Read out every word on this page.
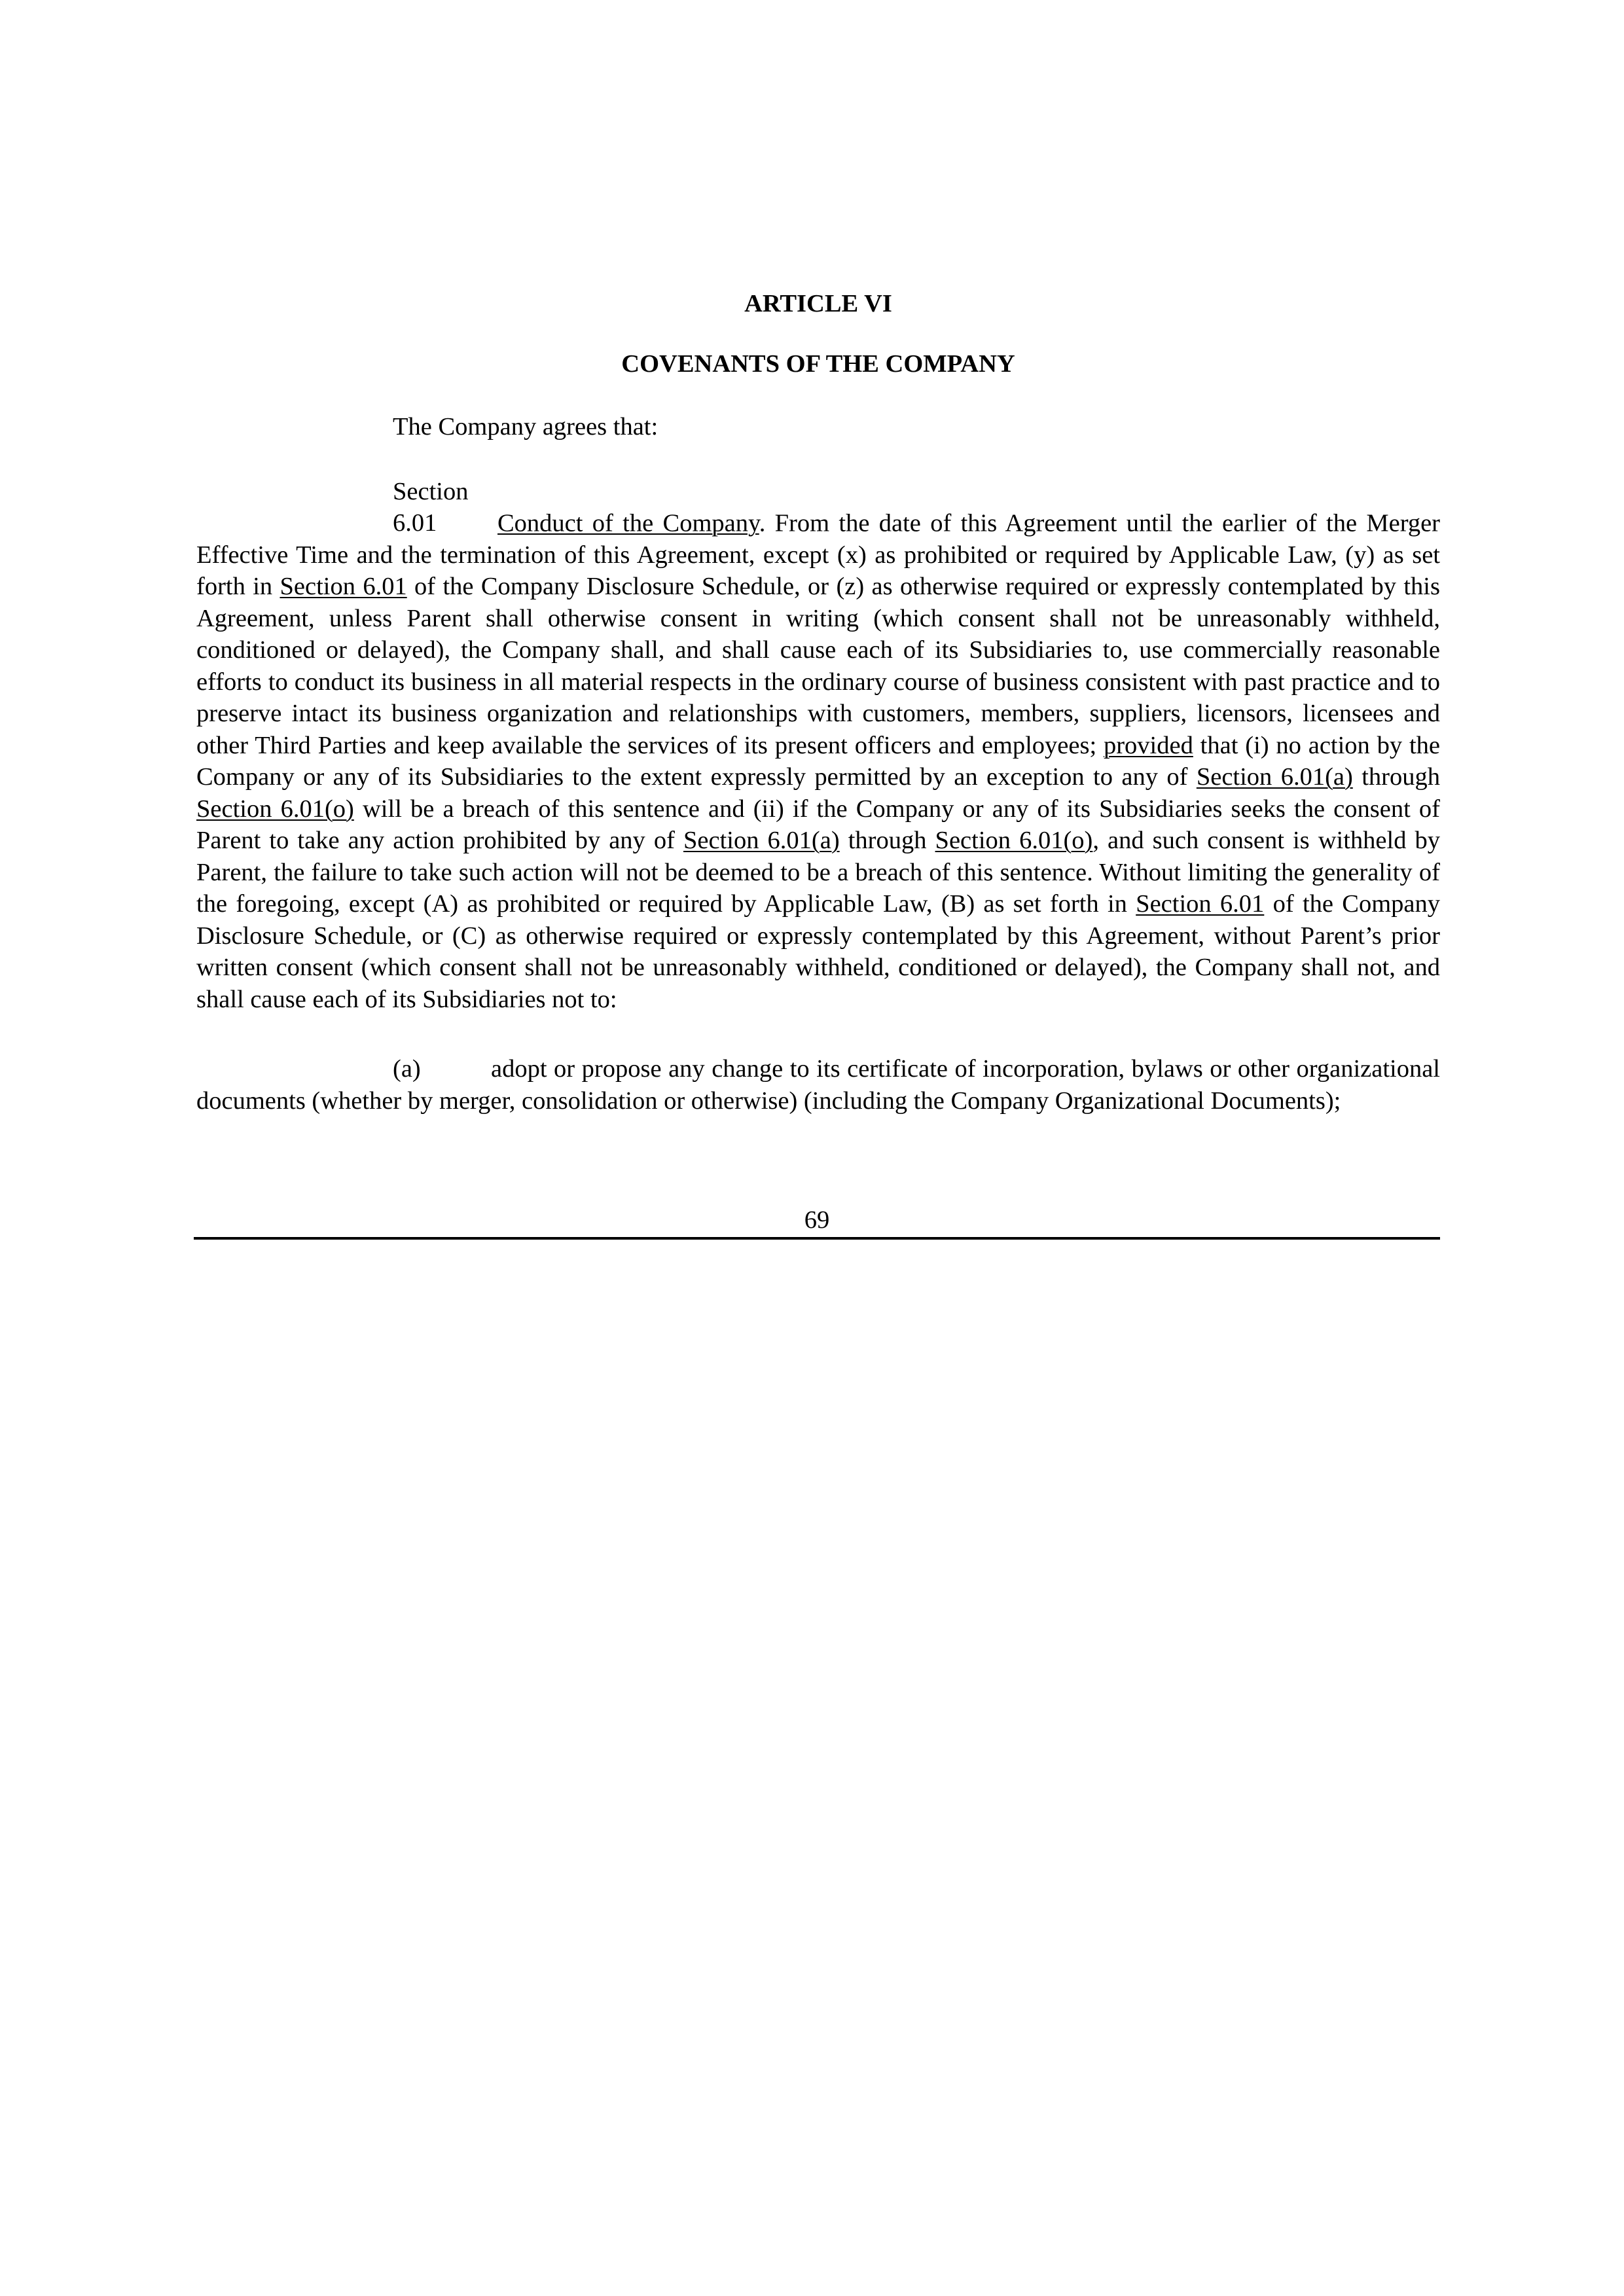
ARTICLE VI

COVENANTS OF THE COMPANY

The Company agrees that:

Section 6.01 Conduct of the Company. From the date of this Agreement until the earlier of the Merger Effective Time and the termination of this Agreement, except (x) as prohibited or required by Applicable Law, (y) as set forth in Section 6.01 of the Company Disclosure Schedule, or (z) as otherwise required or expressly contemplated by this Agreement, unless Parent shall otherwise consent in writing (which consent shall not be unreasonably withheld, conditioned or delayed), the Company shall, and shall cause each of its Subsidiaries to, use commercially reasonable efforts to conduct its business in all material respects in the ordinary course of business consistent with past practice and to preserve intact its business organization and relationships with customers, members, suppliers, licensors, licensees and other Third Parties and keep available the services of its present officers and employees; provided that (i) no action by the Company or any of its Subsidiaries to the extent expressly permitted by an exception to any of Section 6.01(a) through Section 6.01(o) will be a breach of this sentence and (ii) if the Company or any of its Subsidiaries seeks the consent of Parent to take any action prohibited by any of Section 6.01(a) through Section 6.01(o), and such consent is withheld by Parent, the failure to take such action will not be deemed to be a breach of this sentence. Without limiting the generality of the foregoing, except (A) as prohibited or required by Applicable Law, (B) as set forth in Section 6.01 of the Company Disclosure Schedule, or (C) as otherwise required or expressly contemplated by this Agreement, without Parent’s prior written consent (which consent shall not be unreasonably withheld, conditioned or delayed), the Company shall not, and shall cause each of its Subsidiaries not to:

(a)	adopt or propose any change to its certificate of incorporation, bylaws or other organizational documents (whether by merger, consolidation or otherwise) (including the Company Organizational Documents);

69
